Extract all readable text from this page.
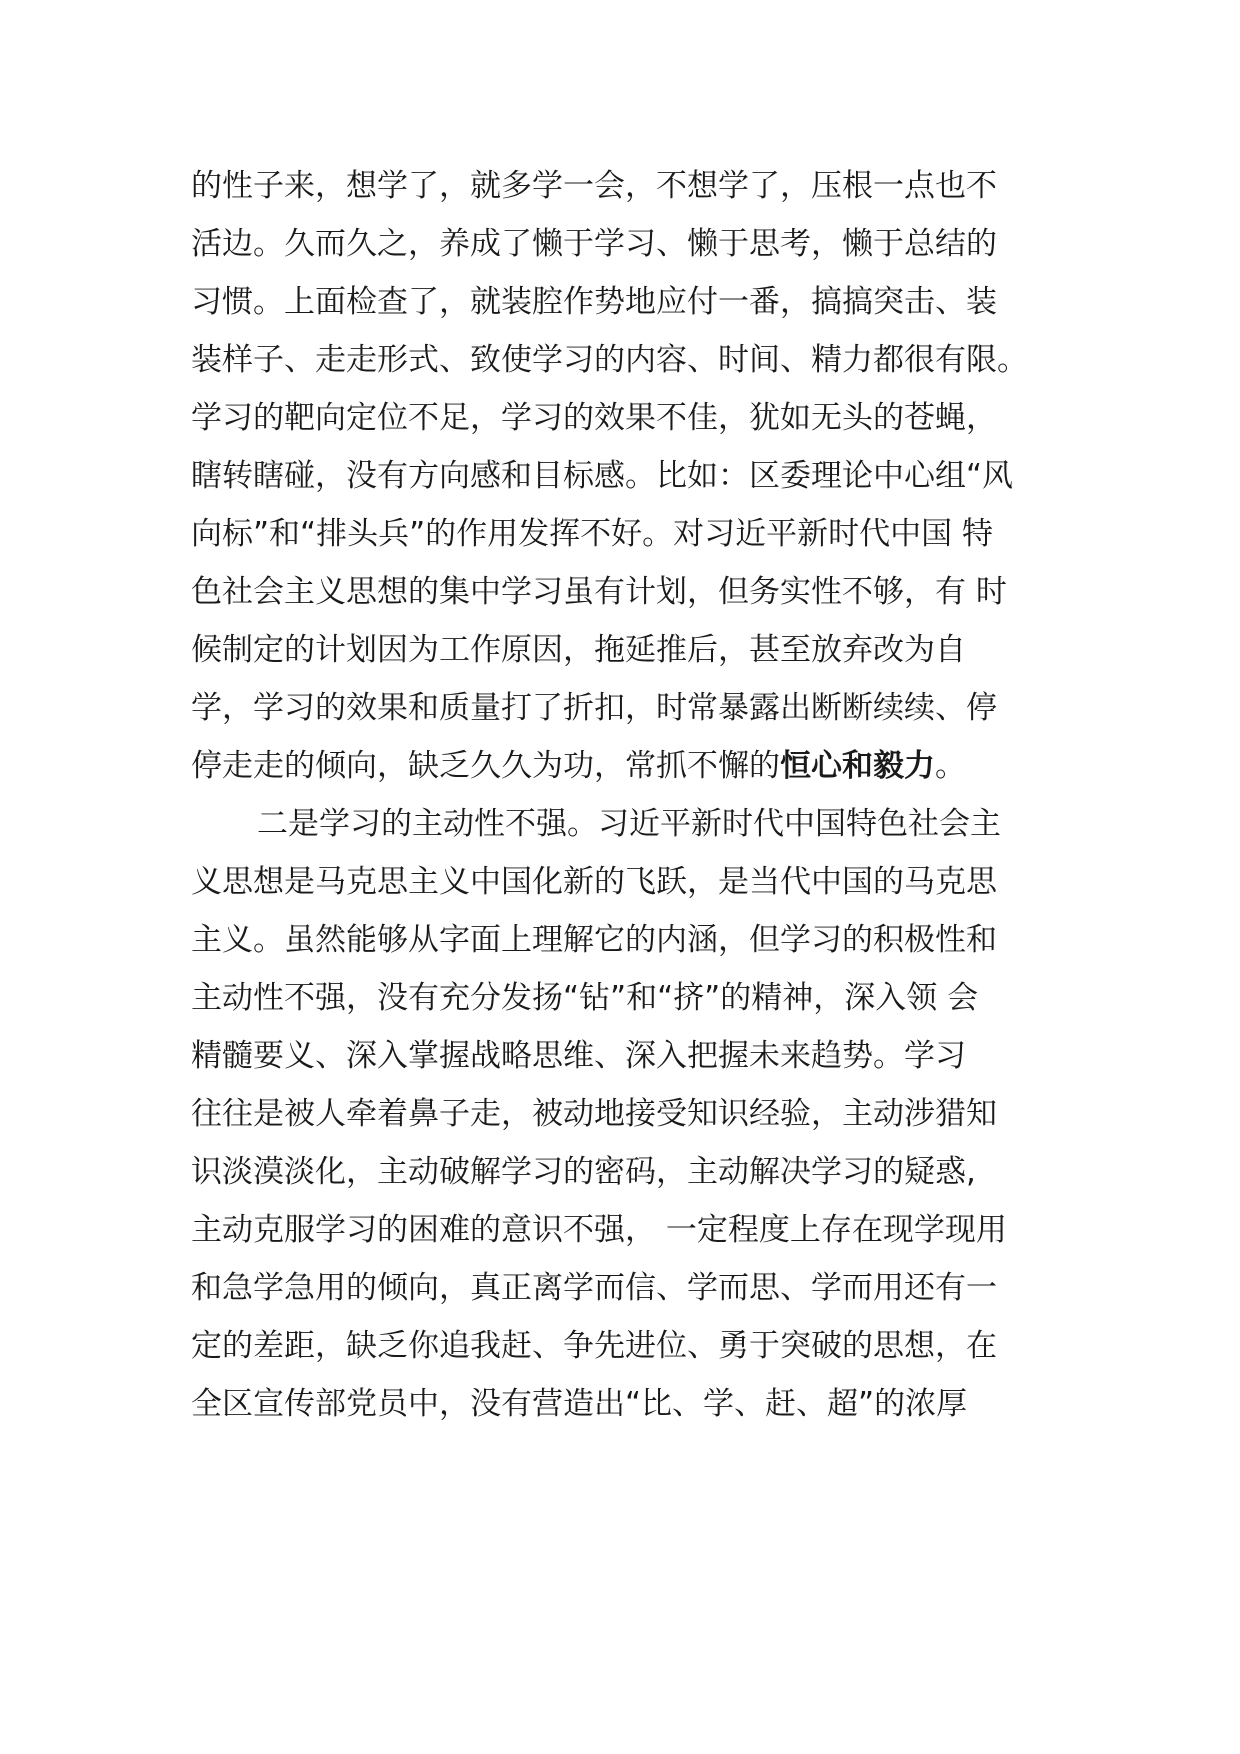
的性子来，想学了，就多学一会，不想学了，压根一点也不
活边。久而久之，养成了懒于学习、懒于思考，懒于总结的
习惯。上面检查了，就装腔作势地应付一番，搞搞突击、装
装样子、走走形式、致使学习的内容、时间、精力都很有限。
学习的靶向定位不足，学习的效果不佳，犹如无头的苍蝇，
瞎转瞎碰，没有方向感和目标感。比如：区委理论中心组“风
向标”和“排头兵”的作用发挥不好。对习近平新时代中国 特
色社会主义思想的集中学习虽有计划，但务实性不够，有 时
候制定的计划因为工作原因，拖延推后，甚至放弃改为自
学，学习的效果和质量打了折扣，时常暴露出断断续续、停
停走走的倾向，缺乏久久为功，常抓不懈的恒心和毅力。
二是学习的主动性不强。习近平新时代中国特色社会主
义思想是马克思主义中国化新的飞跃，是当代中国的马克思
主义。虽然能够从字面上理解它的内涵，但学习的积极性和
主动性不强，没有充分发扬“钻”和“挤”的精神，深入领 会
精髓要义、深入掌握战略思维、深入把握未来趋势。学习
往往是被人牵着鼻子走，被动地接受知识经验，主动涉猎知
识淡漠淡化，主动破解学习的密码，主动解决学习的疑惑,
主动克服学习的困难的意识不强， 一定程度上存在现学现用
和急学急用的倾向，真正离学而信、学而思、学而用还有一
定的差距，缺乏你追我赶、争先进位、勇于突破的思想，在
全区宣传部党员中，没有营造出“比、学、赶、超”的浓厚
